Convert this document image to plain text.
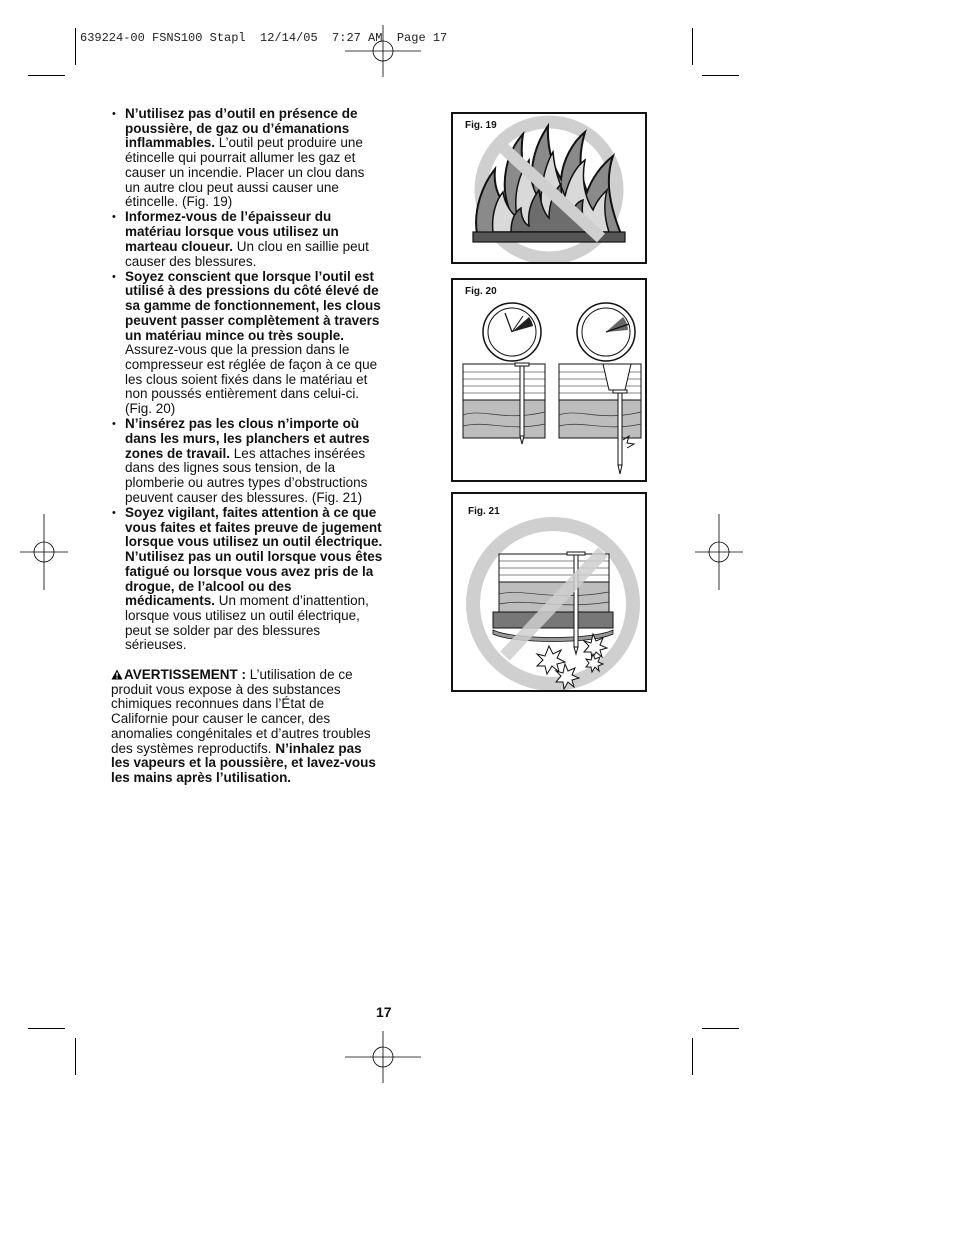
639224-00 FSNS100 Stapl  12/14/05  7:27 AM  Page 17
• N’utilisez pas d’outil en présence de poussière, de gaz ou d’émanations inflammables. L’outil peut produire une étincelle qui pourrait allumer les gaz et causer un incendie. Placer un clou dans un autre clou peut aussi causer une étincelle. (Fig. 19)
• Informez-vous de l’épaisseur du matériau lorsque vous utilisez un marteau cloueur. Un clou en saillie peut causer des blessures.
• Soyez conscient que lorsque l’outil est utilisé à des pressions du côté élevé de sa gamme de fonctionnement, les clous peuvent passer complètement à travers un matériau mince ou très souple. Assurez-vous que la pression dans le compresseur est réglée de façon à ce que les clous soient fixés dans le matériau et non poussés entièrement dans celui-ci. (Fig. 20)
• N’insérez pas les clous n’importe où dans les murs, les planchers et autres zones de travail. Les attaches insérées dans des lignes sous tension, de la plomberie ou autres types d’obstructions peuvent causer des blessures. (Fig. 21)
• Soyez vigilant, faites attention à ce que vous faites et faites preuve de jugement lorsque vous utilisez un outil électrique. N’utilisez pas un outil lorsque vous êtes fatigué ou lorsque vous avez pris de la drogue, de l’alcool ou des médicaments. Un moment d’inattention, lorsque vous utilisez un outil électrique, peut se solder par des blessures sérieuses.
AVERTISSEMENT : L’utilisation de ce produit vous expose à des substances chimiques reconnues dans l’État de Californie pour causer le cancer, des anomalies congénitales et d’autres troubles des systèmes reproductifs. N’inhalez pas les vapeurs et la poussière, et lavez-vous les mains après l’utilisation.
Fig. 19
Fig. 20
Fig. 21
17
